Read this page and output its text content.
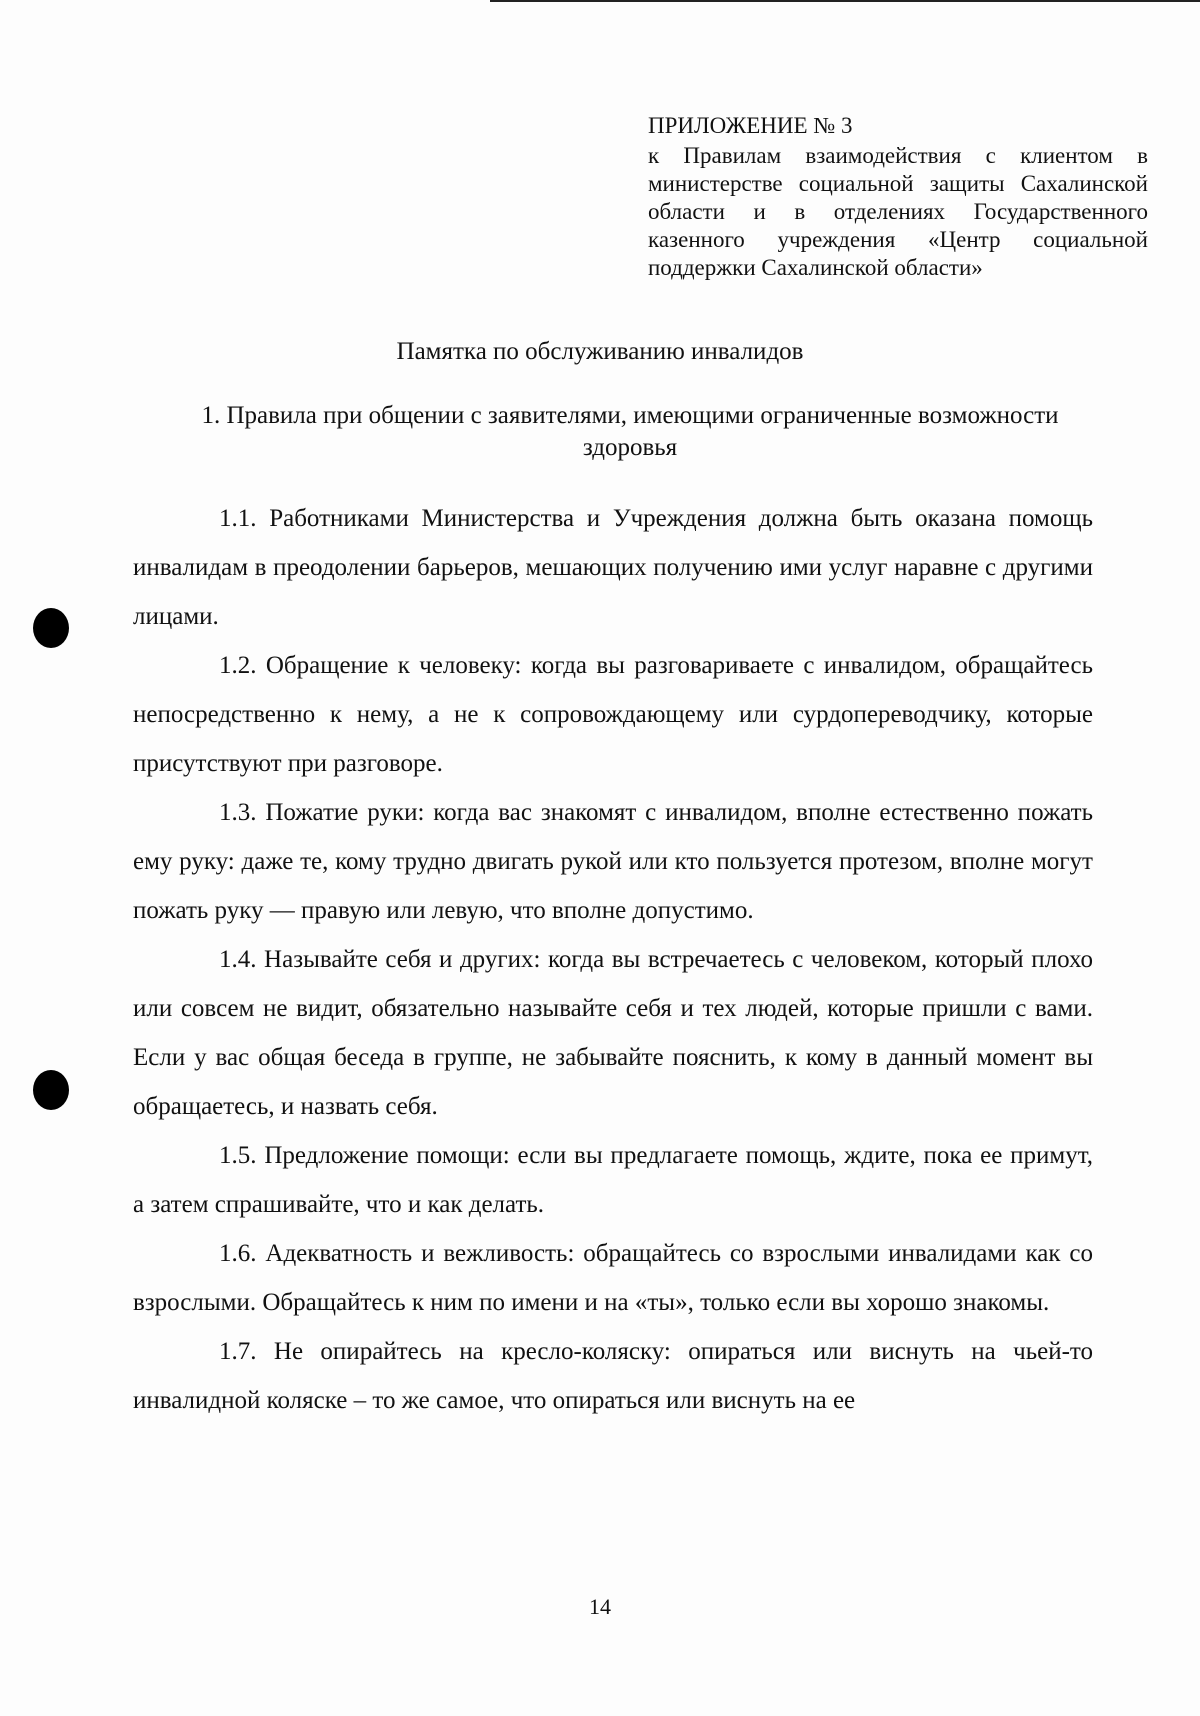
ПРИЛОЖЕНИЕ № 3
к Правилам взаимодействия с клиентом в министерстве социальной защиты Сахалинской области и в отделениях Государственного казенного учреждения «Центр социальной поддержки Сахалинской области»
Памятка по обслуживанию инвалидов
1. Правила при общении с заявителями, имеющими ограниченные возможности здоровья

1.1. Работниками Министерства и Учреждения должна быть оказана помощь инвалидам в преодолении барьеров, мешающих получению ими услуг наравне с другими лицами.

1.2. Обращение к человеку: когда вы разговариваете с инвалидом, обращайтесь непосредственно к нему, а не к сопровождающему или сурдопереводчику, которые присутствуют при разговоре.

1.3. Пожатие руки: когда вас знакомят с инвалидом, вполне естественно пожать ему руку: даже те, кому трудно двигать рукой или кто пользуется протезом, вполне могут пожать руку — правую или левую, что вполне допустимо.

1.4. Называйте себя и других: когда вы встречаетесь с человеком, который плохо или совсем не видит, обязательно называйте себя и тех людей, которые пришли с вами. Если у вас общая беседа в группе, не забывайте пояснить, к кому в данный момент вы обращаетесь, и назвать себя.

1.5. Предложение помощи: если вы предлагаете помощь, ждите, пока ее примут, а затем спрашивайте, что и как делать.

1.6. Адекватность и вежливость: обращайтесь со взрослыми инвалидами как со взрослыми. Обращайтесь к ним по имени и на «ты», только если вы хорошо знакомы.

1.7. Не опирайтесь на кресло-коляску: опираться или виснуть на чьей-то инвалидной коляске – то же самое, что опираться или виснуть на ее

14
